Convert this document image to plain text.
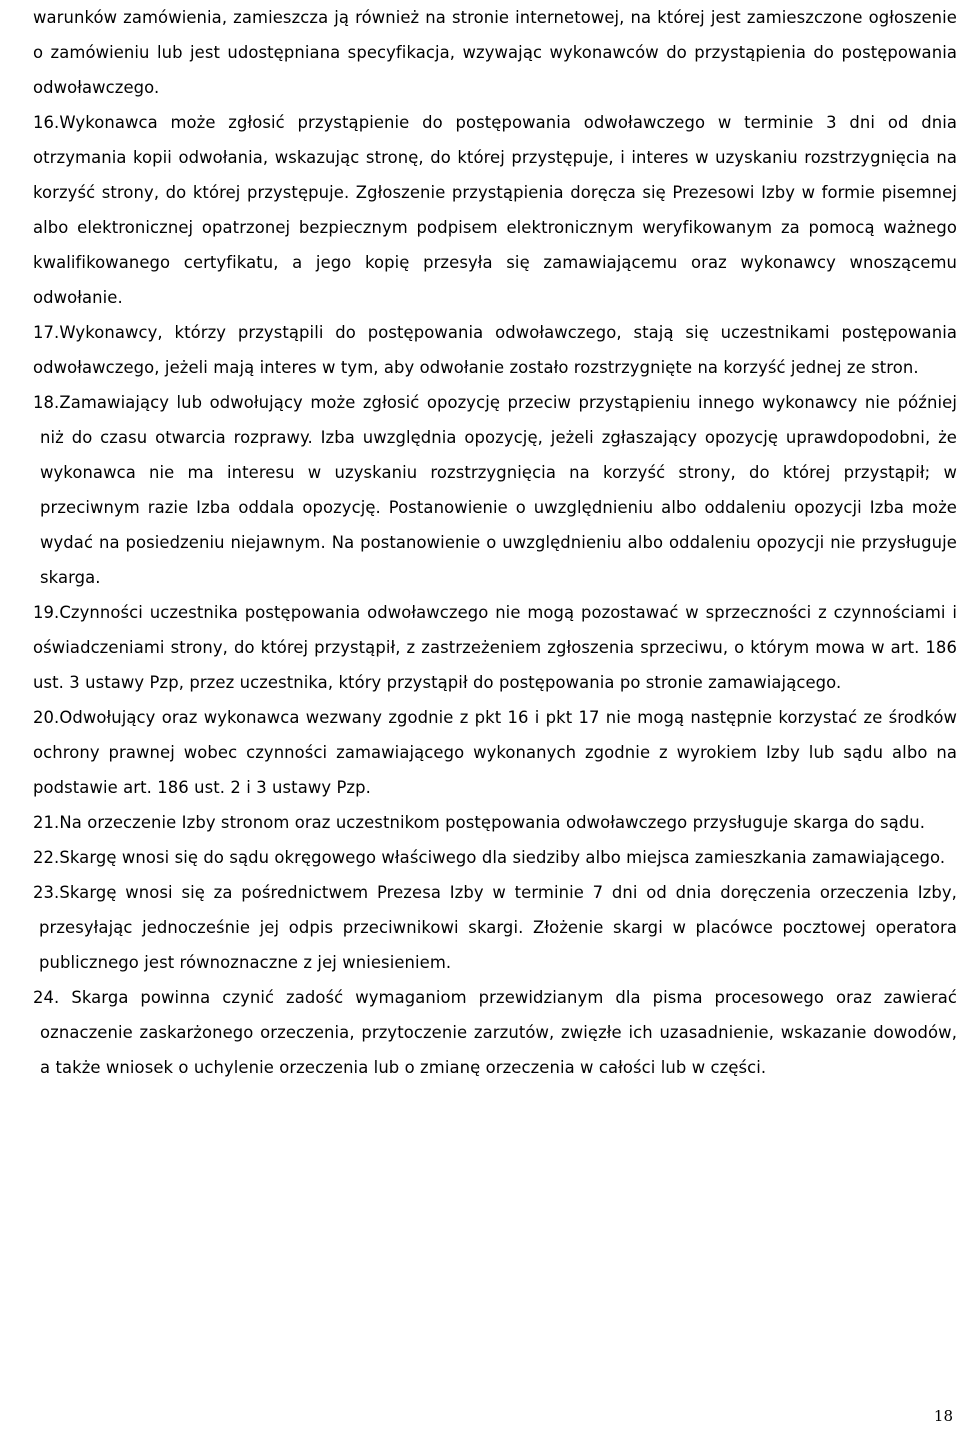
warunków zamówienia, zamieszcza ją również na stronie internetowej, na której jest zamieszczone ogłoszenie o zamówieniu lub jest udostępniana specyfikacja, wzywając wykonawców do przystąpienia do postępowania odwoławczego.

16.Wykonawca może zgłosić przystąpienie do postępowania odwoławczego w terminie 3 dni od dnia otrzymania kopii odwołania, wskazując stronę, do której przystępuje, i interes w uzyskaniu rozstrzygnięcia na korzyść strony, do której przystępuje. Zgłoszenie przystąpienia doręcza się Prezesowi Izby w formie pisemnej albo elektronicznej opatrzonej bezpiecznym podpisem elektronicznym weryfikowanym za pomocą ważnego kwalifikowanego certyfikatu, a jego kopię przesyła się zamawiającemu oraz wykonawcy wnoszącemu odwołanie.

17.Wykonawcy, którzy przystąpili do postępowania odwoławczego, stają się uczestnikami postępowania odwoławczego, jeżeli mają interes w tym, aby odwołanie zostało rozstrzygnięte na korzyść jednej ze stron.

18.Zamawiający lub odwołujący może zgłosić opozycję przeciw przystąpieniu innego wykonawcy nie później niż do czasu otwarcia rozprawy. Izba uwzględnia opozycję, jeżeli zgłaszający opozycję uprawdopodobni, że wykonawca nie ma interesu w uzyskaniu rozstrzygnięcia na korzyść strony, do której przystąpił; w przeciwnym razie Izba oddala opozycję. Postanowienie o uwzględnieniu albo oddaleniu opozycji Izba może wydać na posiedzeniu niejawnym. Na postanowienie o uwzględnieniu albo oddaleniu opozycji nie przysługuje skarga.

19.Czynności uczestnika postępowania odwoławczego nie mogą pozostawać w sprzeczności z czynnościami i oświadczeniami strony, do której przystąpił, z zastrzeżeniem zgłoszenia sprzeciwu, o którym mowa w art. 186 ust. 3 ustawy Pzp, przez uczestnika, który przystąpił do postępowania po stronie zamawiającego.

20.Odwołujący oraz wykonawca wezwany zgodnie z pkt 16 i pkt 17 nie mogą następnie korzystać ze środków ochrony prawnej wobec czynności zamawiającego wykonanych zgodnie z wyrokiem Izby lub sądu albo na podstawie art. 186 ust. 2 i 3 ustawy Pzp.

21.Na orzeczenie Izby stronom oraz uczestnikom postępowania odwoławczego przysługuje skarga do sądu.

22.Skargę wnosi się do sądu okręgowego właściwego dla siedziby albo miejsca zamieszkania zamawiającego.

23.Skargę wnosi się za pośrednictwem Prezesa Izby w terminie 7 dni od dnia doręczenia orzeczenia Izby, przesyłając jednocześnie jej odpis przeciwnikowi skargi. Złożenie skargi w placówce pocztowej operatora publicznego jest równoznaczne z jej wniesieniem.

24. Skarga powinna czynić zadość wymaganiom przewidzianym dla pisma procesowego oraz zawierać oznaczenie zaskarżonego orzeczenia, przytoczenie zarzutów, zwięzłe ich uzasadnienie, wskazanie dowodów, a także wniosek o uchylenie orzeczenia lub o zmianę orzeczenia w całości lub w części.

18
